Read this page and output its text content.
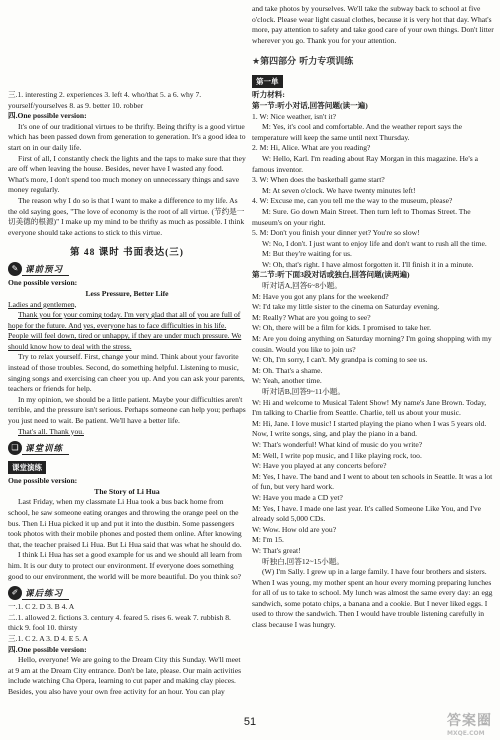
三.1. interesting 2. experiences 3. left 4. who/that 5. a 6. why 7. yourself/yourselves 8. as 9. better 10. robber

四.One possible version:

It's one of our traditional virtues to be thrifty. Being thrifty is a good virtue which has been passed down from generation to generation. It's a good idea to start on in our daily life.

First of all, I constantly check the lights and the taps to make sure that they are off when leaving the house. Besides, never have I wasted any food. What's more, I don't spend too much money on unnecessary things and save money regularly.

The reason why I do so is that I want to make a difference to my life. As the old saying goes, "The love of economy is the root of all virtue. (节约是一切美德的根源)" I make up my mind to be thrifty as much as possible. I think everyone should take actions to stick to this virtue.

第 48 课时 书面表达(三)
✎ 课前预习

One possible version:

Less Pressure, Better Life

Ladies and gentlemen,

Thank you for your coming today. I'm very glad that all of you are full of hope for the future. And yes, everyone has to face difficulties in his life. People will feel down, tired or unhappy, if they are under much pressure. We should know how to deal with the stress.

Try to relax yourself. First, change your mind. Think about your favorite instead of those troubles. Second, do something helpful. Listening to music, singing songs and exercising can cheer you up. And you can ask your parents, teachers or friends for help.

In my opinion, we should be a little patient. Maybe your difficulties aren't terrible, and the pressure isn't serious. Perhaps someone can help you; perhaps you just need to wait. Be patient. We'll have a better life.

That's all. Thank you.

❏ 课堂训练
课堂演练

One possible version:

The Story of Li Hua

Last Friday, when my classmate Li Hua took a bus back home from school, he saw someone eating oranges and throwing the orange peel on the bus. Then Li Hua picked it up and put it into the dustbin. Some passengers took photos with their mobile phones and posted them online. After knowing that, the teacher praised Li Hua. But Li Hua said that was what he should do.

I think Li Hua has set a good example for us and we should all learn from him. It is our duty to protect our environment. If everyone does something good to our environment, the world will be more beautiful. Do you think so?

✐ 课后练习

一.1. C 2. D 3. B 4. A

二.1. allowed 2. fictions 3. century 4. feared 5. rises 6. weak 7. rubbish 8. thick 9. fool 10. thirsty

三.1. C 2. A 3. D 4. E 5. A

四.One possible version:

Hello, everyone! We are going to the Dream City this Sunday. We'll meet at 9 am at the Dream City entrance. Don't be late, please. Our main activities include watching Cha Opera, learning to cut paper and making clay pieces. Besides, you also have your own free activity for an hour. You can play

and take photos by yourselves. We'll take the subway back to school at five o'clock. Please wear light casual clothes, because it is very hot that day. What's more, pay attention to safety and take good care of your own things. Don't litter wherever you go. Thank you for your attention.

★第四部分 听力专项训练
第一单

听力材料:

第一节:听小对话,回答问题(读一遍)

1. W: Nice weather, isn't it?

M: Yes, it's cool and comfortable. And the weather report says the temperature will keep the same until next Thursday.

2. M: Hi, Alice. What are you reading?

W: Hello, Karl. I'm reading about Ray Morgan in this magazine. He's a famous inventor.

3. W: When does the basketball game start?

M: At seven o'clock. We have twenty minutes left!

4. W: Excuse me, can you tell me the way to the museum, please?

M: Sure. Go down Main Street. Then turn left to Thomas Street. The museum's on your right.

5. M: Don't you finish your dinner yet? You're so slow!

W: No, I don't. I just want to enjoy life and don't want to rush all the time.

M: But they're waiting for us.

W: Oh, that's right. I have almost forgotten it. I'll finish it in a minute.

第二节:听下面3段对话或独白,回答问题(读两遍)

听对话A,回答6~8小题。

M: Have you got any plans for the weekend?

W: I'd take my little sister to the cinema on Saturday evening.

M: Really? What are you going to see?

W: Oh, there will be a film for kids. I promised to take her.

M: Are you doing anything on Saturday morning? I'm going shopping with my cousin. Would you like to join us?

W: Oh, I'm sorry, I can't. My grandpa is coming to see us.

M: Oh. That's a shame.

W: Yeah, another time.

听对话B,回答9~11小题。

W: Hi and welcome to Musical Talent Show! My name's Jane Brown. Today, I'm talking to Charlie from Seattle. Charlie, tell us about your music.

M: Hi, Jane. I love music! I started playing the piano when I was 5 years old. Now, I write songs, sing, and play the piano in a band.

W: That's wonderful! What kind of music do you write?

M: Well, I write pop music, and I like playing rock, too.

W: Have you played at any concerts before?

M: Yes, I have. The band and I went to about ten schools in Seattle. It was a lot of fun, but very hard work.

W: Have you made a CD yet?

M: Yes, I have. I made one last year. It's called Someone Like You, and I've already sold 5,000 CDs.

W: Wow. How old are you?

M: I'm 15.

W: That's great!

听独白,回答12~15小题。

(W) I'm Sally. I grew up in a large family. I have four brothers and sisters. When I was young, my mother spent an hour every morning preparing lunches for all of us to take to school. My lunch was almost the same every day: an egg sandwich, some potato chips, a banana and a cookie. But I never liked eggs. I used to throw the sandwich. Then I would have trouble listening carefully in class because I was hungry.

51	答案圈
MXQE.COM
